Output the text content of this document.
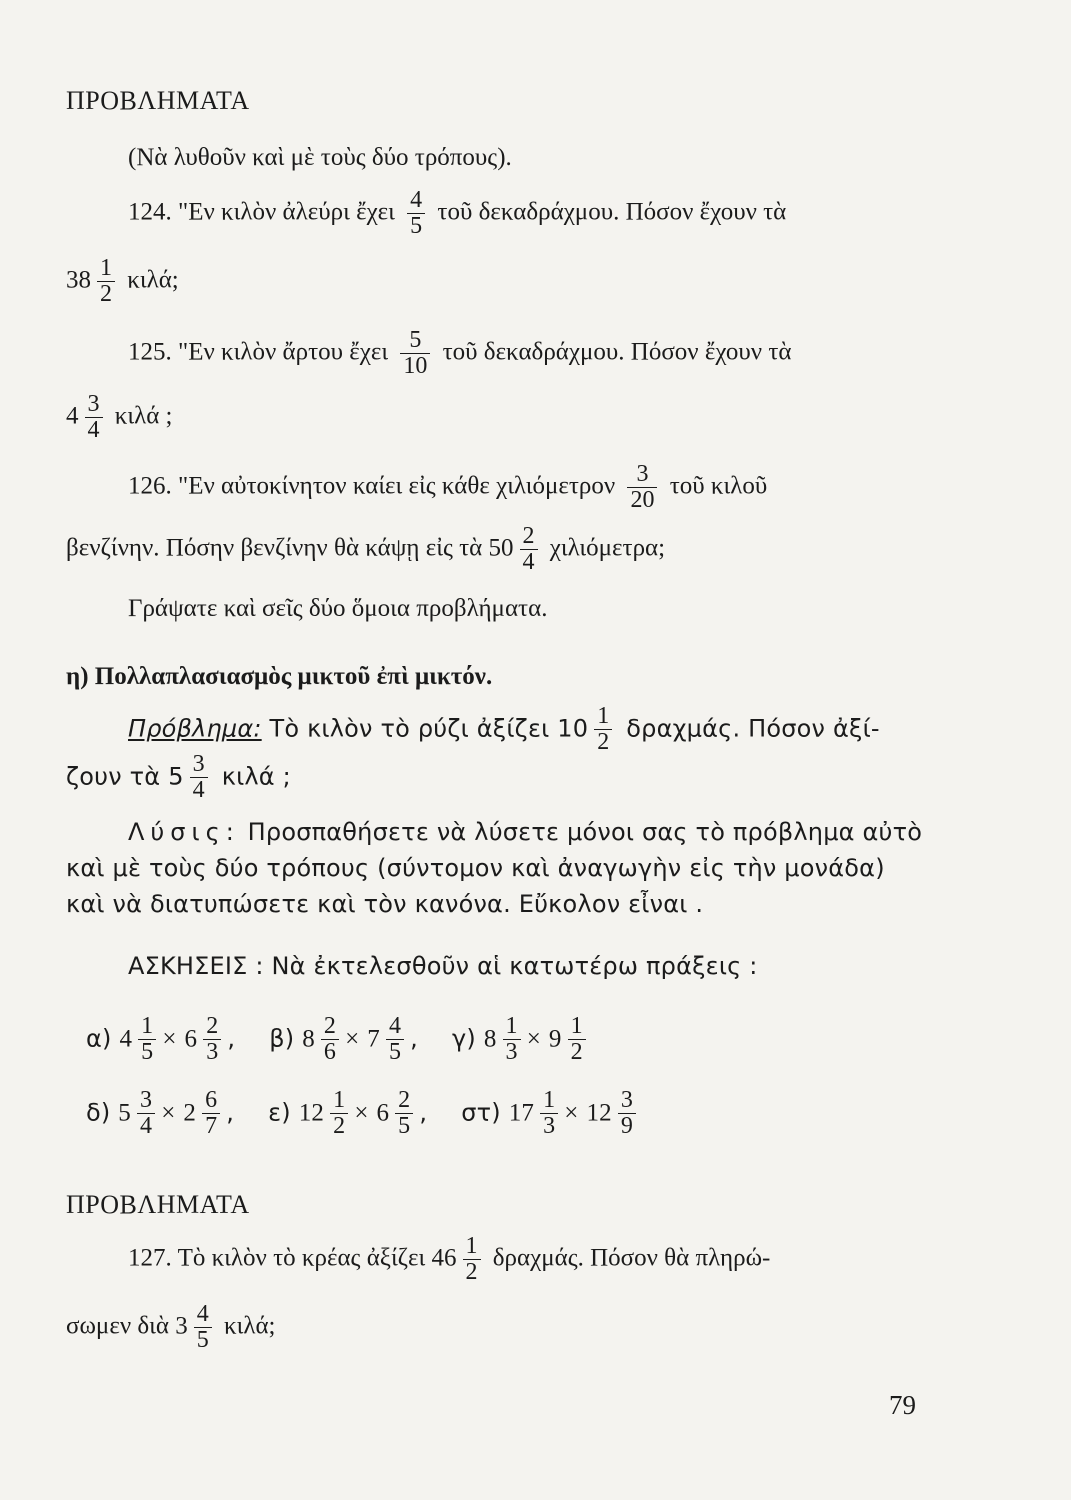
ΠΡΟΒΛΗΜΑΤΑ
(Νὰ λυθοῦν καὶ μὲ τοὺς δύο τρόπους).
124. "Εν κιλὸν ἀλεύρι ἔχει $\frac{4}{5}$ τοῦ δεκαδράχμου. Πόσον ἔχουν τὰ
$38 \frac{1}{2} \kappa\iota\lambda ά$;
125. "Εν κιλὸν ἄρτου ἔχει $\frac{5}{10}$ τοῦ δεκαδράχμου. Πόσον ἔχουν τὰ
$4 \frac{3}{4}$ κιλά ;
126. "Εν αὐτοκίνητον καίει εἰς κάθε χιλιόμετρον $\frac{3}{20}$ τοῦ κιλοῦ
βενζίνην. Πόσην βενζίνην θὰ κάψῃ εἰς τὰ $50 \frac{2}{4} \chi\iota\lambda\iota ό\mu\varepsilon\tau\rho\alpha$;
Γράψατε καὶ σεῖς δύο ὅμοια προβλήματα.
η) Πολλαπλασιασμὸς μικτοῦ ἐπὶ μικτόν.
Πρόβλημα: Τὸ κιλὸν τὸ ρύζι ἀξίζει $10 \frac{1}{2} \delta\rho\alpha\chi\mu ά\varsigma$. Πόσον ἀξί-
ζουν τὰ $5 \frac{3}{4}$ κιλά ;
Λύσις: Προσπαθήσετε νὰ λύσετε μόνοι σας τὸ πρόβλημα αὐτὸ
καὶ μὲ τοὺς δύο τρόπους (σύντομον καὶ ἀναγωγὴν εἰς τὴν μονάδα)
καὶ νὰ διατυπώσετε καὶ τὸν κανόνα. Εὔκολον εἶναι .
ΑΣΚΗΣΕΙΣ : Νὰ ἐκτελεσθοῦν αἱ κατωτέρω πράξεις :
α) $4 \frac{1}{5} \times 6 \frac{2}{3}$ , β) $8 \frac{2}{6} \times 7 \frac{4}{5}$ , γ) $8 \frac{1}{3} \times 9 \frac{1}{2}$
δ) $5 \frac{3}{4} \times 2 \frac{6}{7}$ , ε) $12 \frac{1}{2} \times 6 \frac{2}{5}$ , στ) $17 \frac{1}{3} \times 12 \frac{3}{9}$
ΠΡΟΒΛΗΜΑΤΑ
127. Τὸ κιλὸν τὸ κρέας ἀξίζει $46 \frac{1}{2} \delta\rho\alpha\chi\mu ά\varsigma$. Πόσον θὰ πληρώ-
σωμεν διὰ $3 \frac{4}{5} \kappa\iota\lambda ά$;
79
